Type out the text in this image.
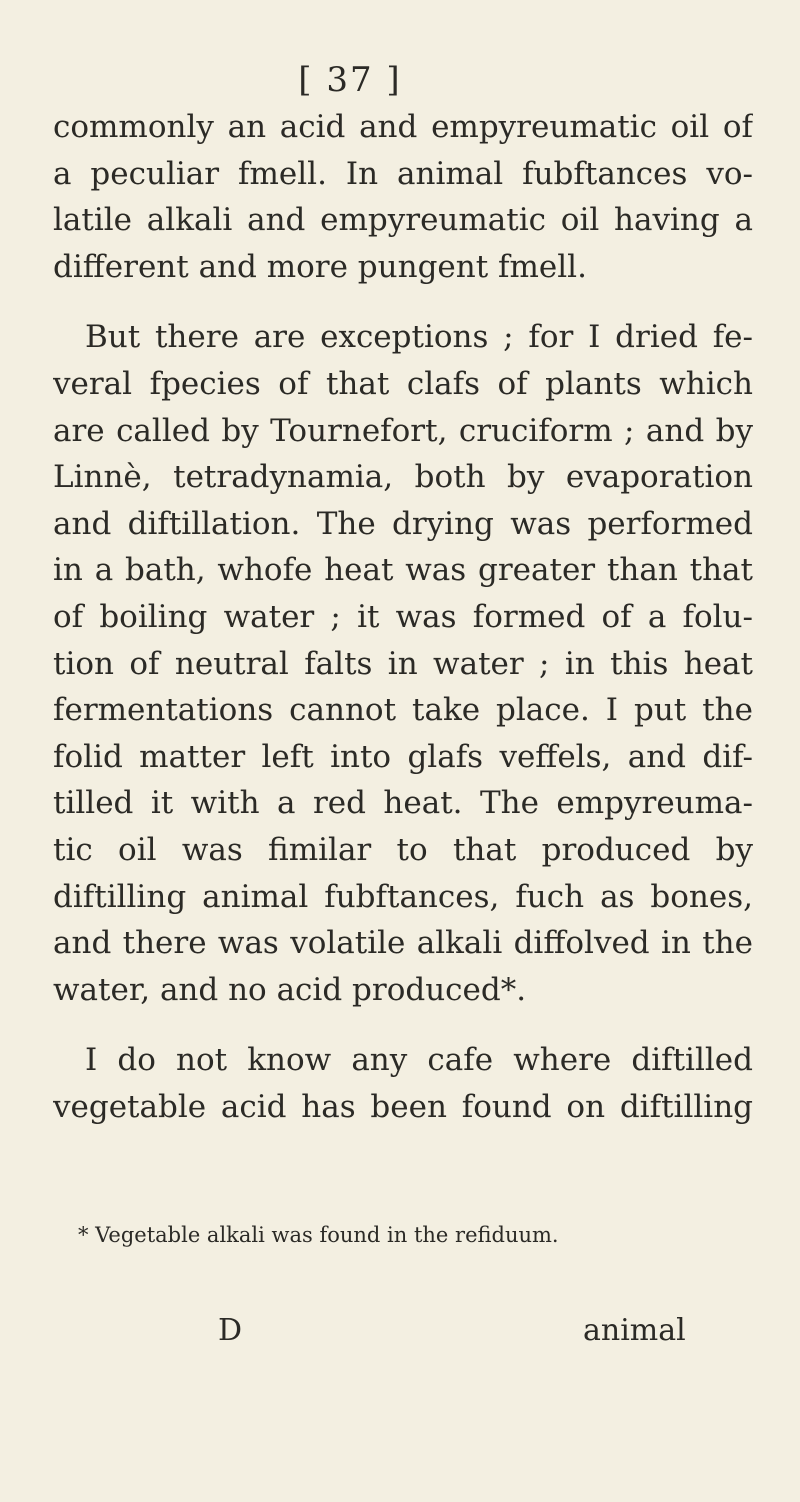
[ 37 ]
commonly an acid and empyreumatic oil of
a peculiar fmell. In animal fubftances vo-
latile alkali and empyreumatic oil having a
different and more pungent fmell.
But there are exceptions ; for I dried fe-
veral fpecies of that clafs of plants which
are called by Tournefort, cruciform ; and by
Linnè, tetradynamia, both by evaporation
and diftillation. The drying was performed
in a bath, whofe heat was greater than that
of boiling water ; it was formed of a folu-
tion of neutral falts in water ; in this heat
fermentations cannot take place. I put the
folid matter left into glafs veffels, and dif-
tilled it with a red heat. The empyreuma-
tic oil was fimilar to that produced by
diftilling animal fubftances, fuch as bones,
and there was volatile alkali diffolved in the
water, and no acid produced*.
I do not know any cafe where diftilled
vegetable acid has been found on diftilling
* Vegetable alkali was found in the refiduum.
D	animal
